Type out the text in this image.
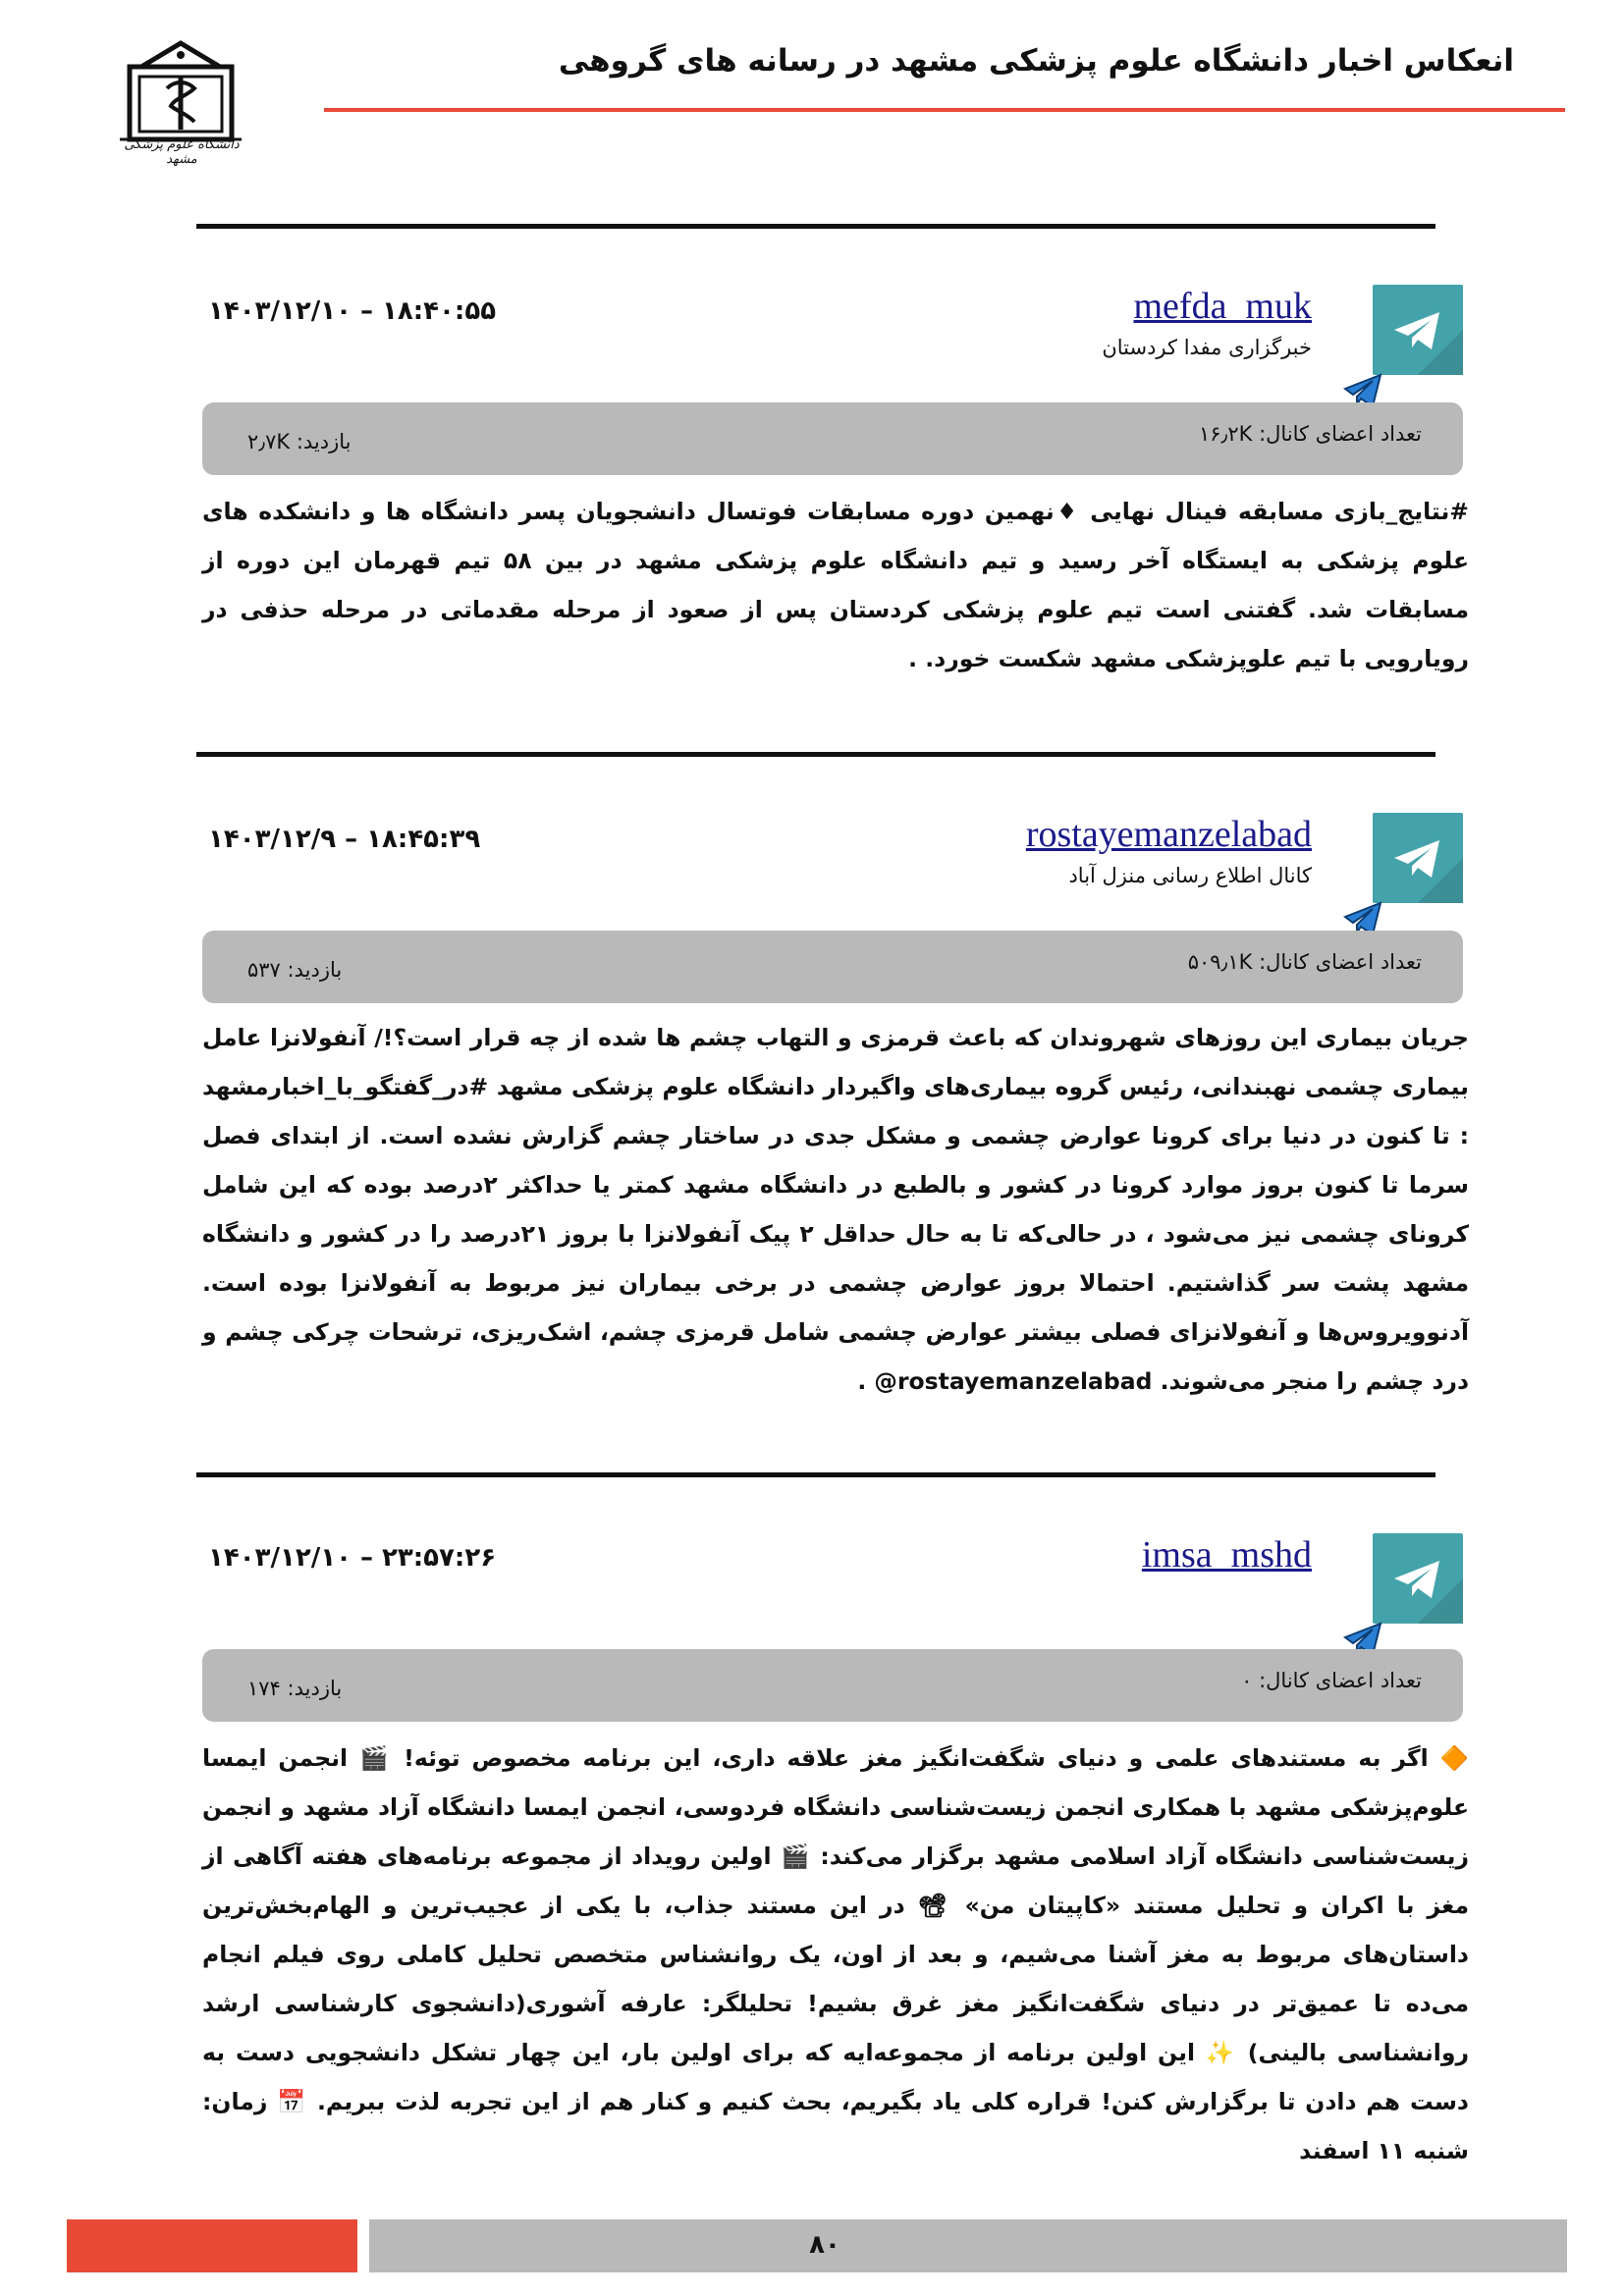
انعکاس اخبار دانشگاه علوم پزشکی مشهد در رسانه های گروهی
دانشگاه علوم پزشکی مشهد
mefda_muk
خبرگزاری مفدا کردستان
۱۴۰۳/۱۲/۱۰ – ۱۸:۴۰:۵۵
تعداد اعضای کانال: ۱۶٫۲K
بازدید: ۲٫۷K
#نتایج_بازی مسابقه فینال نهایی ♦نهمین دوره مسابقات فوتسال دانشجویان پسر دانشگاه ها و دانشکده های علوم پزشکی به ایستگاه آخر رسید و تیم دانشگاه علوم پزشکی مشهد در بین ۵۸ تیم قهرمان این دوره از مسابقات شد. گفتنی است تیم علوم پزشکی کردستان پس از صعود از مرحله مقدماتی در مرحله حذفی در رویارویی با تیم علوپزشکی مشهد شکست خورد. .
rostayemanzelabad
کانال اطلاع رسانی منزل آباد
۱۴۰۳/۱۲/۹ – ۱۸:۴۵:۳۹
تعداد اعضای کانال: ۵۰۹٫۱K
بازدید: ۵۳۷
جریان بیماری این روزهای شهروندان که باعث قرمزی و التهاب چشم ها شده از چه قرار است؟!/ آنفولانزا عامل بیماری چشمی نهبندانی، رئیس گروه بیماری‌های واگیردار دانشگاه علوم پزشکی مشهد #در_گفتگو_با_اخبارمشهد : تا کنون در دنیا برای کرونا عوارض چشمی و مشکل جدی در ساختار چشم گزارش نشده است. از ابتدای فصل سرما تا کنون بروز موارد کرونا در کشور و بالطبع در دانشگاه مشهد کمتر یا حداکثر ۲درصد بوده که این شامل کرونای چشمی نیز می‌شود ، در حالی‌که تا به حال حداقل ۲ پیک آنفولانزا با بروز ۲۱درصد را در کشور و دانشگاه مشهد پشت سر گذاشتیم. احتمالا بروز عوارض چشمی در برخی بیماران نیز مربوط به آنفولانزا بوده است. آدنوویروس‌ها و آنفولانزای فصلی بیشتر عوارض چشمی شامل قرمزی چشم، اشک‌ریزی، ترشحات چرکی چشم و درد چشم را منجر می‌شوند. rostayemanzelabad@ .
imsa_mshd
۱۴۰۳/۱۲/۱۰ – ۲۳:۵۷:۲۶
تعداد اعضای کانال: ۰
بازدید: ۱۷۴
🔶 اگر به مستندهای علمی و دنیای شگفت‌انگیز مغز علاقه داری، این برنامه مخصوص توئه! 🎬 انجمن ایمسا علوم‌پزشکی مشهد با همکاری انجمن زیست‌شناسی دانشگاه فردوسی، انجمن ایمسا دانشگاه آزاد مشهد و انجمن زیست‌شناسی دانشگاه آزاد اسلامی مشهد برگزار می‌کند: 🎬 اولین رویداد از مجموعه برنامه‌های هفته آگاهی از مغز با اکران و تحلیل مستند «کاپیتان من» 📽 در این مستند جذاب، با یکی از عجیب‌ترین و الهام‌بخش‌ترین داستان‌های مربوط به مغز آشنا می‌شیم، و بعد از اون، یک روانشناس متخصص تحلیل کاملی روی فیلم انجام می‌ده تا عمیق‌تر در دنیای شگفت‌انگیز مغز غرق بشیم! تحلیلگر: عارفه آشوری(دانشجوی کارشناسی ارشد روانشناسی بالینی) ✨ این اولین برنامه از مجموعه‌ایه که برای اولین بار، این چهار تشکل دانشجویی دست به دست هم دادن تا برگزارش کنن! قراره کلی یاد بگیریم، بحث کنیم و کنار هم از این تجربه لذت ببریم. 📅 زمان: شنبه ۱۱ اسفند
۸۰
